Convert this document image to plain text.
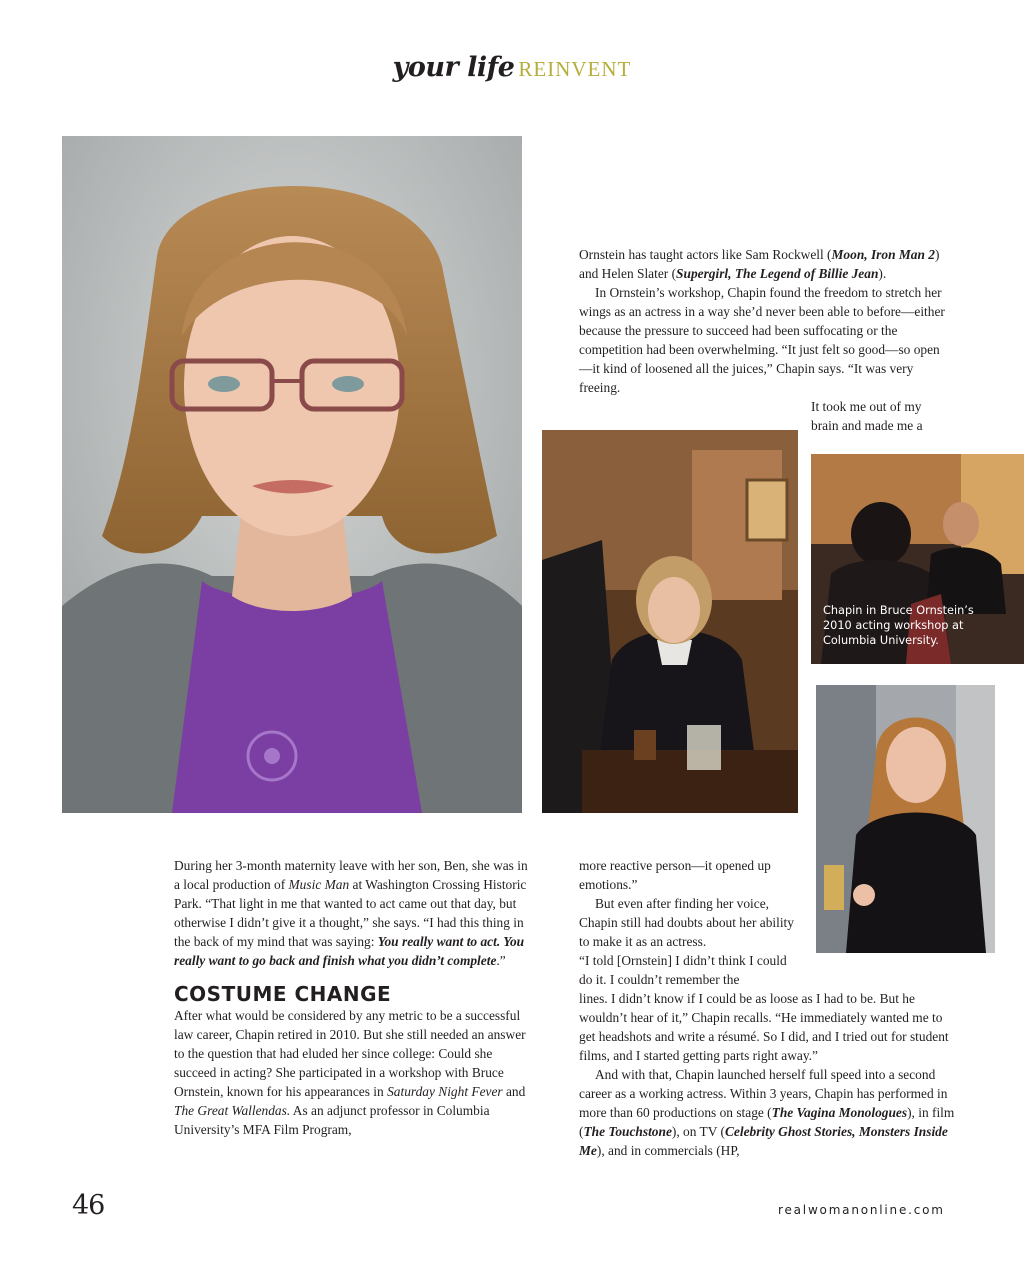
your life REINVENT
Chapin in Bruce Ornstein’s
2010 acting workshop at
Columbia University.

Ornstein has taught actors like Sam Rockwell (Moon, Iron Man 2) and Helen Slater (Supergirl, The Legend of Billie Jean).

In Ornstein’s workshop, Chapin found the freedom to stretch her wings as an actress in a way she’d never been able to before—either because the pressure to succeed had been suffocating or the competition had been overwhelming. “It just felt so good—so open—it kind of loosened all the juices,” Chapin says. “It was very freeing.

It took me out of my brain and made me a

During her 3-month maternity leave with her son, Ben, she was in a local production of Music Man at Washington Crossing Historic Park. “That light in me that wanted to act came out that day, but otherwise I didn’t give it a thought,” she says. “I had this thing in the back of my mind that was saying: You really want to act. You really want to go back and finish what you didn’t complete.”

COSTUME CHANGE

After what would be considered by any metric to be a successful law career, Chapin retired in 2010. But she still needed an answer to the question that had eluded her since college: Could she succeed in acting? She participated in a workshop with Bruce Ornstein, known for his appearances in Saturday Night Fever and The Great Wallendas. As an adjunct professor in Columbia University’s MFA Film Program,

more reactive person—it opened up emotions.”

But even after finding her voice, Chapin still had doubts about her ability to make it as an actress.

“I told [Ornstein] I didn’t think I could do it. I couldn’t remember the

lines. I didn’t know if I could be as loose as I had to be. But he wouldn’t hear of it,” Chapin recalls. “He immediately wanted me to get headshots and write a résumé. So I did, and I tried out for student films, and I started getting parts right away.”

And with that, Chapin launched herself full speed into a second career as a working actress. Within 3 years, Chapin has performed in more than 60 productions on stage (The Vagina Monologues), in film (The Touchstone), on TV (Celebrity Ghost Stories, Monsters Inside Me), and in commercials (HP,

46	realwomanonline.com
